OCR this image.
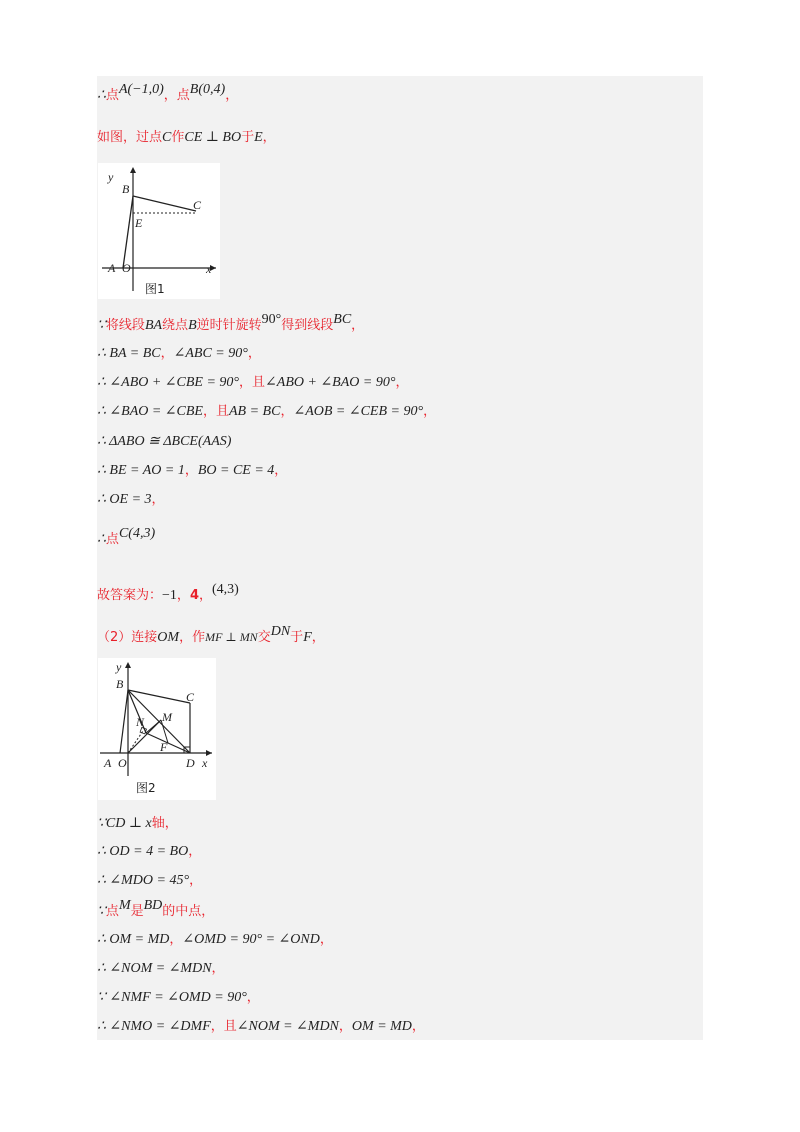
∴点A(−1,0)，点B(0,4)，
如图，过点C作CE ⊥ BO于E，
y
B
C
E
A O	x
图1
∵将线段BA绕点B逆时针旋转90°得到线段BC，
∴ BA = BC，∠ABC = 90°，
∴ ∠ABO + ∠CBE = 90°，且∠ABO + ∠BAO = 90°，
∴ ∠BAO = ∠CBE，且AB = BC，∠AOB = ∠CEB = 90°，
∴ ΔABO ≅ ΔBCE(AAS)
∴ BE = AO = 1，BO = CE = 4，
∴ OE = 3，
∴点C(4,3)
故答案为：−1，4，(4,3)
（2）连接OM，作MF ⊥ MN交DN于F，
y
B
C
N M
F
A O	D x
图2
∵CD ⊥ x轴，
∴ OD = 4 = BO，
∴ ∠MDO = 45°，
∵点M是BD的中点，
∴ OM = MD，∠OMD = 90° = ∠OND，
∴ ∠NOM = ∠MDN，
∵ ∠NMF = ∠OMD = 90°，
∴ ∠NMO = ∠DMF，且∠NOM = ∠MDN，OM = MD，
